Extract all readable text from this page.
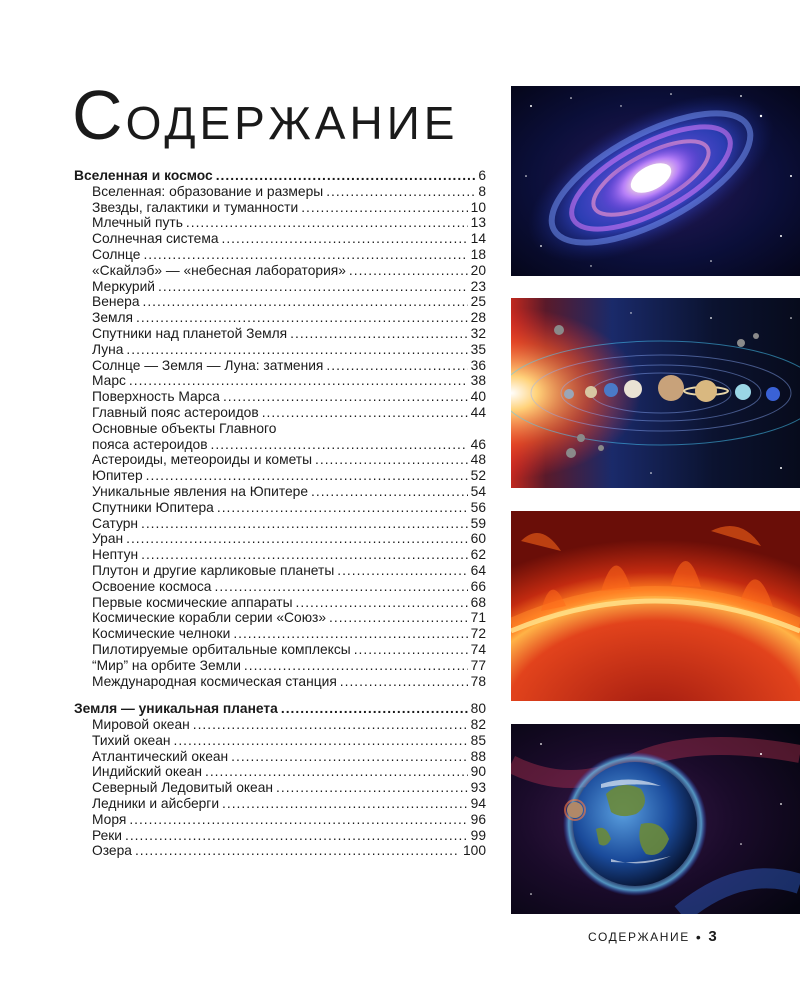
СОДЕРЖАНИЕ
Вселенная и космос .....	6
Вселенная: образование и размеры .....	8
Звезды, галактики и туманности .....	10
Млечный путь .....	13
Солнечная система .....	14
Солнце .....	18
«Скайлэб» — «небесная лаборатория» .....	20
Меркурий .....	23
Венера .....	25
Земля .....	28
Спутники над планетой Земля .....	32
Луна .....	35
Солнце — Земля — Луна: затмения .....	36
Марс .....	38
Поверхность Марса .....	40
Главный пояс астероидов .....	44
Основные объекты Главного
пояса астероидов .....	46
Астероиды, метеороиды и кометы .....	48
Юпитер .....	52
Уникальные явления на Юпитере .....	54
Спутники Юпитера .....	56
Сатурн .....	59
Уран .....	60
Нептун .....	62
Плутон и другие карликовые планеты .....	64
Освоение космоса .....	66
Первые космические аппараты .....	68
Космические корабли серии «Союз» .....	71
Космические челноки .....	72
Пилотируемые орбитальные комплексы .....	74
“Мир” на орбите Земли .....	77
Международная космическая станция .....	78
Земля — уникальная планета .....	80
Мировой океан .....	82
Тихий океан .....	85
Атлантический океан .....	88
Индийский океан .....	90
Северный Ледовитый океан .....	93
Ледники и айсберги .....	94
Моря .....	96
Реки .....	99
Озера .....	100
СОДЕРЖАНИЕ • 3
